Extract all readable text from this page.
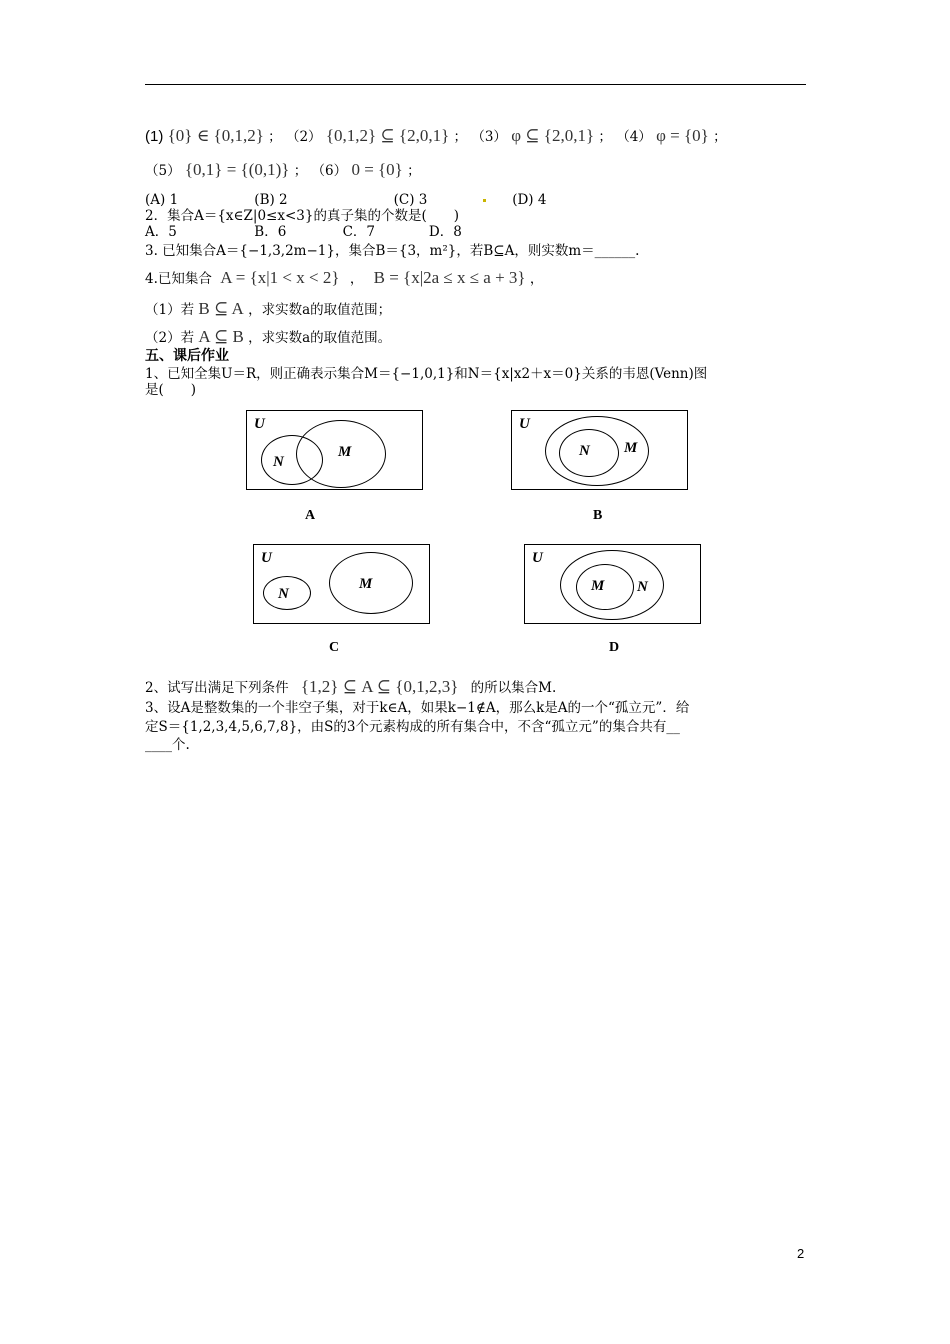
(1) {0} ∈ {0,1,2} ； （2） {0,1,2} ⊆ {2,0,1} ； （3） φ ⊆ {2,0,1} ； （4） φ = {0} ；
（5） {0,1} = {(0,1)} ； （6） 0 = {0} ；
(A) 1	(B) 2	(C) 3	(D) 4
2．集合A＝{x∈Z|0≤x<3}的真子集的个数是(　　)
A．5	B．6	C．7	D．8
3. 已知集合A＝{−1,3,2m−1}，集合B＝{3，m²}，若B⊆A，则实数m＝______.
4.已知集合 A = {x|1 < x < 2} ， B = {x|2a ≤ x ≤ a + 3} ，
（1）若 B ⊆ A ，求实数a的取值范围；
（2）若 A ⊆ B ，求实数a的取值范围。
五、课后作业
1、已知全集U＝R，则正确表示集合M＝{−1,0,1}和N＝{x|x2＋x＝0}关系的韦恩(Venn)图
是(　　)
U
N
M
A
U
N M
B
U
N
M
C
U
M N
D
2、试写出满足下列条件 {1,2} ⊆ A ⊆ {0,1,2,3} 的所以集合M.
3、设A是整数集的一个非空子集，对于k∈A，如果k−1∉A，那么k是A的一个“孤立元”．给
定S＝{1,2,3,4,5,6,7,8}，由S的3个元素构成的所有集合中，不含“孤立元”的集合共有__
____个.
2
